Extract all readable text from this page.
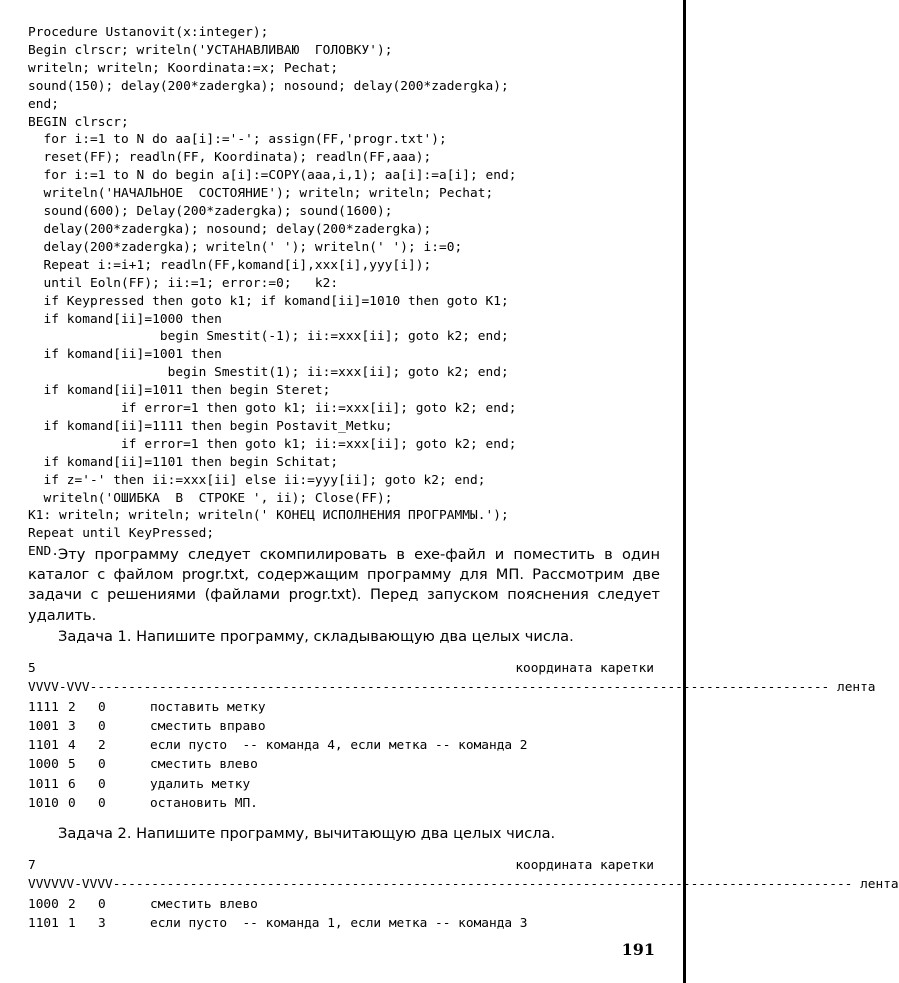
Procedure Ustanovit(x:integer);
Begin clrscr; writeln('УСТАНАВЛИВАЮ  ГОЛОВКУ');
writeln; writeln; Koordinata:=x; Pechat;
sound(150); delay(200*zadergka); nosound; delay(200*zadergka);
end;
BEGIN clrscr;
for i:=1 to N do aa[i]:='-'; assign(FF,'progr.txt');
reset(FF); readln(FF, Koordinata); readln(FF,aaa);
for i:=1 to N do begin a[i]:=COPY(aaa,i,1); aa[i]:=a[i]; end;
writeln('НАЧАЛЬНОЕ  СОСТОЯНИЕ'); writeln; writeln; Pechat;
sound(600); Delay(200*zadergka); sound(1600);
delay(200*zadergka); nosound; delay(200*zadergka);
delay(200*zadergka); writeln(' '); writeln(' '); i:=0;
Repeat i:=i+1; readln(FF,komand[i],xxx[i],yyy[i]);
until Eoln(FF); ii:=1; error:=0;   k2:
if Keypressed then goto k1; if komand[ii]=1010 then goto K1;
if komand[ii]=1000 then
begin Smestit(-1); ii:=xxx[ii]; goto k2; end;
if komand[ii]=1001 then
begin Smestit(1); ii:=xxx[ii]; goto k2; end;
if komand[ii]=1011 then begin Steret;
if error=1 then goto k1; ii:=xxx[ii]; goto k2; end;
if komand[ii]=1111 then begin Postavit_Metku;
if error=1 then goto k1; ii:=xxx[ii]; goto k2; end;
if komand[ii]=1101 then begin Schitat;
if z='-' then ii:=xxx[ii] else ii:=yyy[ii]; goto k2; end;
writeln('ОШИБКА  В  СТРОКЕ ', ii); Close(FF);
K1: writeln; writeln; writeln(' КОНЕЦ ИСПОЛНЕНИЯ ПРОГРАММЫ.');
Repeat until KeyPressed;
END.

Эту программу следует скомпилировать в exe-файл и поместить в один каталог с файлом progr.txt, содержащим программу для МП. Рассмотрим две задачи с решениями (файлами progr.txt). Перед запуском пояснения следует удалить.

Задача 1. Напишите программу, складывающую два целых числа.
5	координата каретки
VVVV-VVV ------------------------------------------------------------------------------------------------ лента
1111 2	0	поставить метку
1001 3	0	сместить вправо
1101 4	2	если пусто  -- команда 4, если метка -- команда 2
1000 5	0	сместить влево
1011 6	0	удалить метку
1010 0	0	остановить МП.
Задача 2. Напишите программу, вычитающую два целых числа.
7	координата каретки
VVVVVV-VVVV ------------------------------------------------------------------------------------------------ лента
1000 2	0	сместить влево
1101 1	3	если пусто  -- команда 1, если метка -- команда 3
191
